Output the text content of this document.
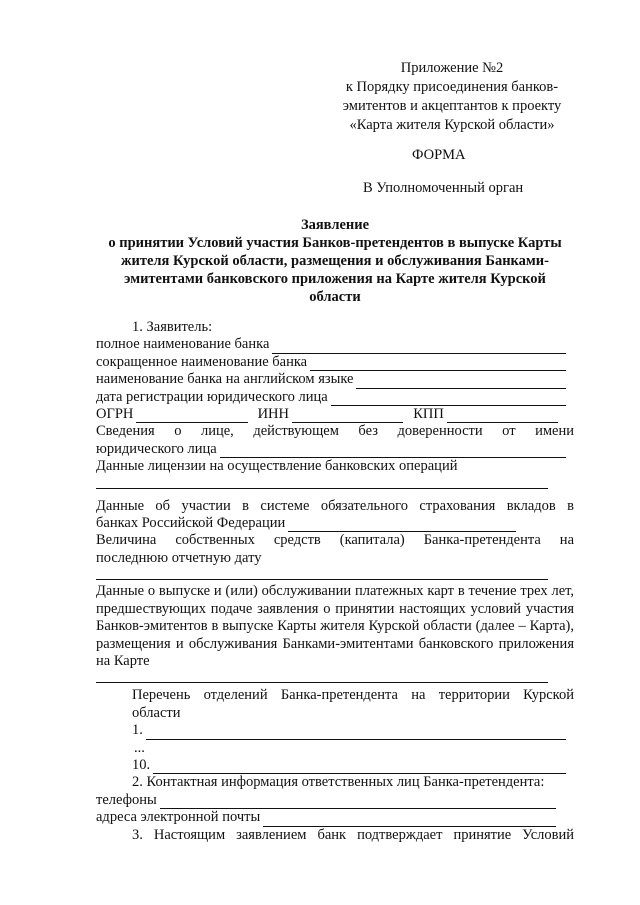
Приложение №2
к Порядку присоединения банков-
эмитентов и акцептантов к проекту
«Карта жителя Курской области»
ФОРМА
В Уполномоченный орган
Заявление
о принятии Условий участия Банков-претендентов в выпуске Карты
жителя Курской области, размещения и обслуживания Банками-
эмитентами банковского приложения на Карте жителя Курской
области
1. Заявитель:
полное наименование банка
сокращенное наименование банка
наименование банка на английском языке
дата регистрации юридического лица
ОГРН	ИНН	КПП
Сведения о лице, действующем без доверенности от имени
юридического лица
Данные лицензии на осуществление банковских операций
Данные об участии в системе обязательного страхования вкладов в
банках Российской Федерации
Величина собственных средств (капитала) Банка-претендента на
последнюю отчетную дату
Данные о выпуске и (или) обслуживании платежных карт в течение трех лет, предшествующих подаче заявления о принятии настоящих условий участия Банков-эмитентов в выпуске Карты жителя Курской области (далее – Карта), размещения и обслуживания Банками-эмитентами банковского приложения на Карте
Перечень отделений Банка-претендента на территории Курской области
1.
...
10.
2. Контактная информация ответственных лиц Банка-претендента:
телефоны
адреса электронной почты
3. Настоящим заявлением банк подтверждает принятие Условий
